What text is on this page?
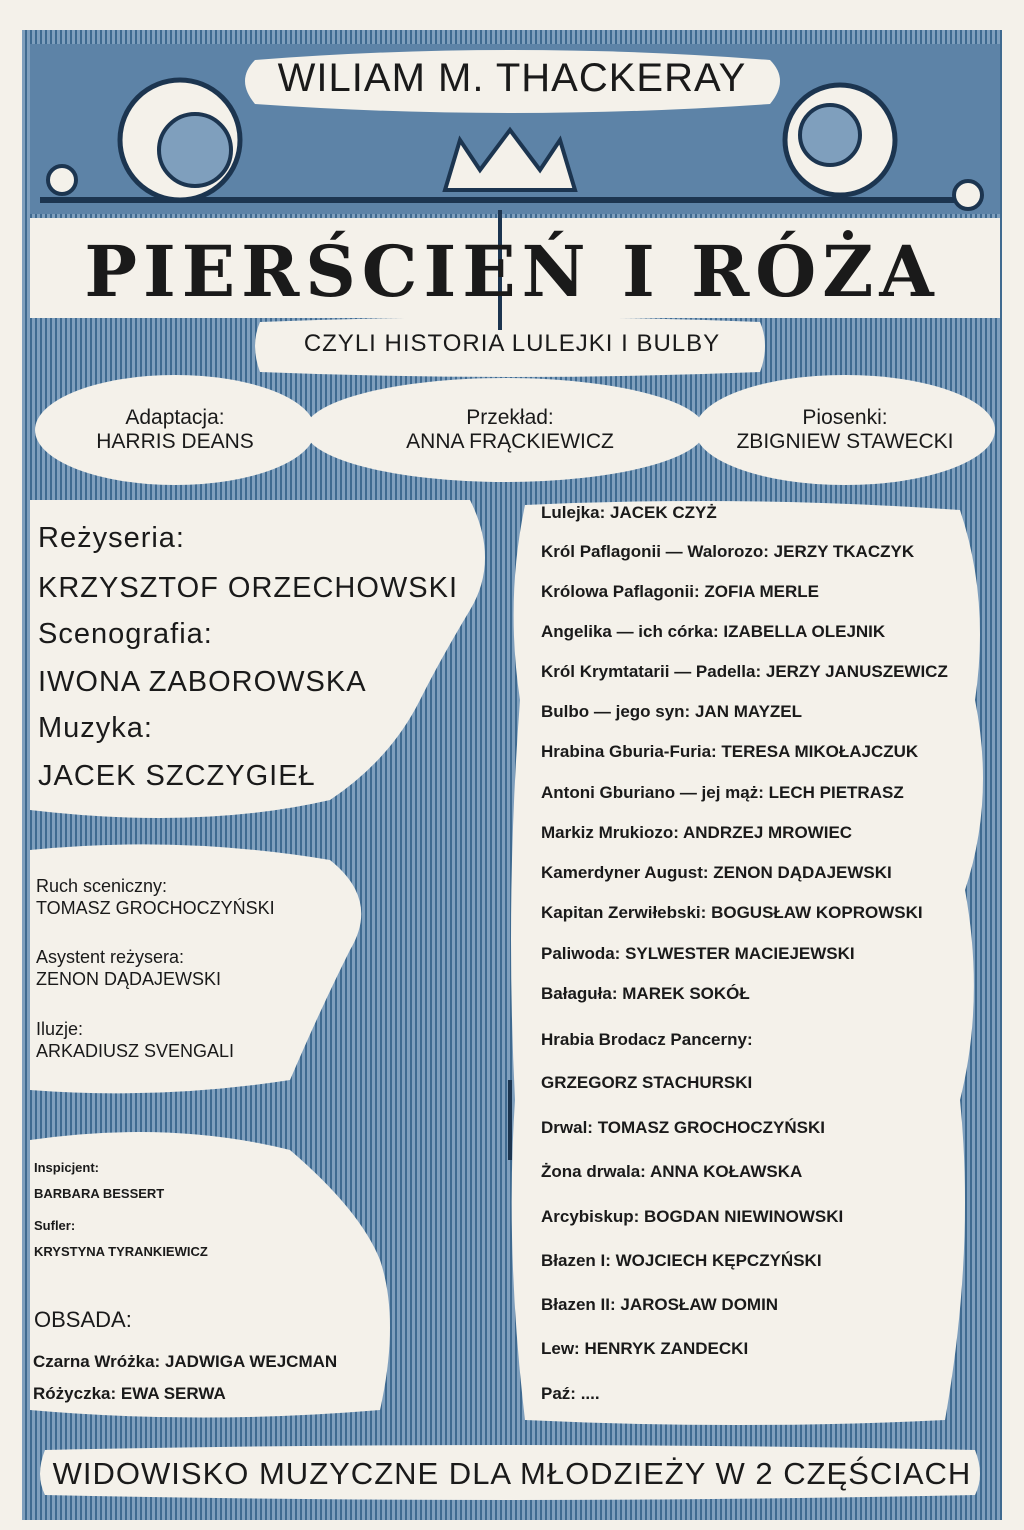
WILIAM M. THACKERAY
PIERŚCIEŃ I RÓŻA
CZYLI HISTORIA LULEJKI I BULBY
Adaptacja:
HARRIS DEANS
Przekład:
ANNA FRĄCKIEWICZ
Piosenki:
ZBIGNIEW STAWECKI
Reżyseria:
KRZYSZTOF ORZECHOWSKI
Scenografia:
IWONA ZABOROWSKA
Muzyka:
JACEK SZCZYGIEŁ
Ruch sceniczny:
TOMASZ GROCHOCZYŃSKI
Asystent reżysera:
ZENON DĄDAJEWSKI
Iluzje:
ARKADIUSZ SVENGALI
Inspicjent:
BARBARA BESSERT
Sufler:
KRYSTYNA TYRANKIEWICZ
OBSADA:
Czarna Wróżka: JADWIGA WEJCMAN
Różyczka: EWA SERWA
Lulejka: JACEK CZYŻ
Król Paflagonii — Walorozo: JERZY TKACZYK
Królowa Paflagonii: ZOFIA MERLE
Angelika — ich córka: IZABELLA OLEJNIK
Król Krymtatarii — Padella: JERZY JANUSZEWICZ
Bulbo — jego syn: JAN MAYZEL
Hrabina Gburia-Furia: TERESA MIKOŁAJCZUK
Antoni Gburiano — jej mąż: LECH PIETRASZ
Markiz Mrukiozo: ANDRZEJ MROWIEC
Kamerdyner August: ZENON DĄDAJEWSKI
Kapitan Zerwiłebski: BOGUSŁAW KOPROWSKI
Paliwoda: SYLWESTER MACIEJEWSKI
Bałaguła: MAREK SOKÓŁ
Hrabia Brodacz Pancerny:
GRZEGORZ STACHURSKI
Drwal: TOMASZ GROCHOCZYŃSKI
Żona drwala: ANNA KOŁAWSKA
Arcybiskup: BOGDAN NIEWINOWSKI
Błazen I: WOJCIECH KĘPCZYŃSKI
Błazen II: JAROSŁAW DOMIN
Lew: HENRYK ZANDECKI
Paź: ....
WIDOWISKO MUZYCZNE DLA MŁODZIEŻY W 2 CZĘŚCIACH
